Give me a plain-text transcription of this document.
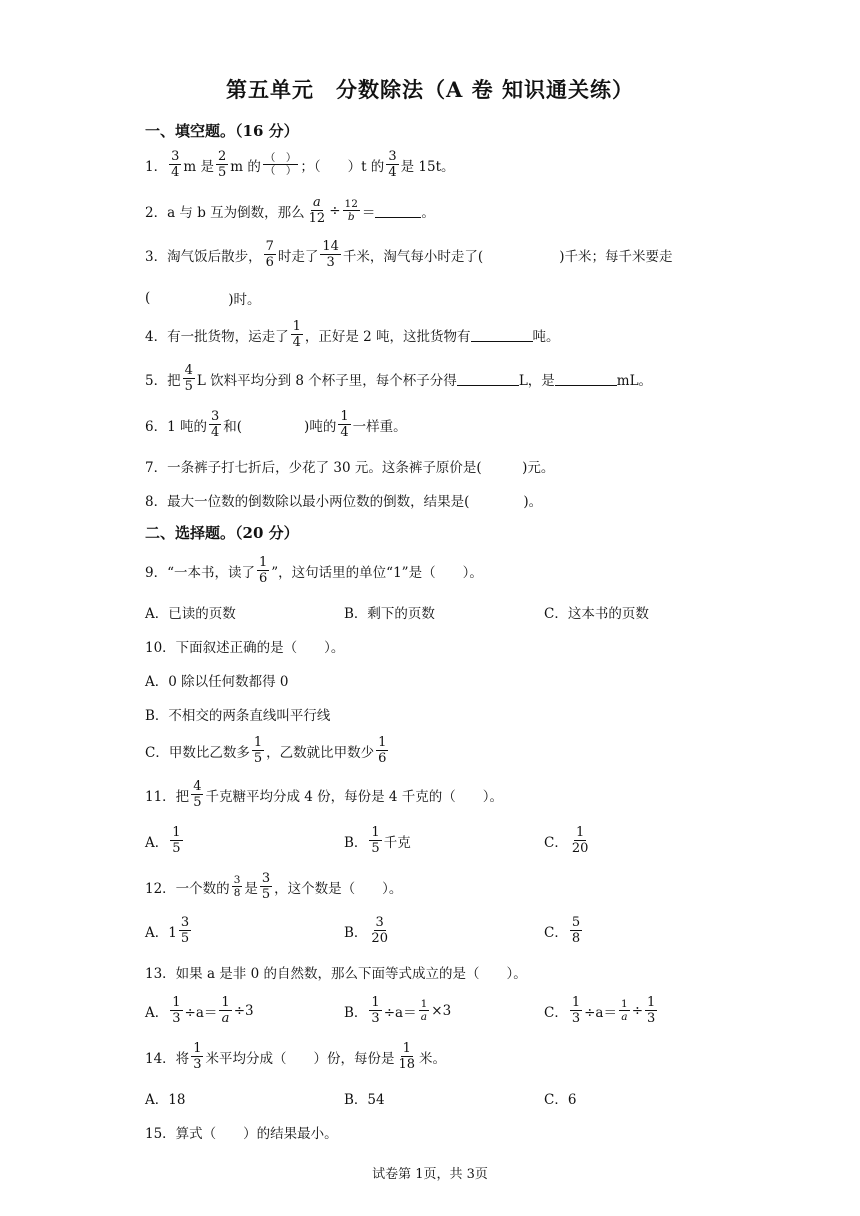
第五单元　分数除法（A 卷 知识通关练）
一、填空题。（16 分）
1． $\frac{3}{4}$ m 是 $\frac{2}{5}$ m 的 $\frac{( )}{( )}$ ；（　　）t 的 $\frac{3}{4}$ 是 15t。
2．a 与 b 互为倒数，那么 $\frac{a}{12} \div \frac{12}{b}$ ＝	。
3．淘气饭后散步， $\frac{7}{6}$ 时走了 $\frac{14}{3}$ 千米，淘气每小时走了(	)千米；每千米要走
(	)时。
4．有一批货物，运走了 $\frac{1}{4}$ ，正好是 2 吨，这批货物有	吨。
5．把 $\frac{4}{5}$ L 饮料平均分到 8 个杯子里，每个杯子分得	L，是	mL。
6．1 吨的 $\frac{3}{4}$ 和(	)吨的 $\frac{1}{4}$ 一样重。
7．一条裤子打七折后，少花了 30 元。这条裤子原价是(　　　)元。
8．最大一位数的倒数除以最小两位数的倒数，结果是(　　　　)。
二、选择题。（20 分）
9．“一本书，读了 $\frac{1}{6}$ ”，这句话里的单位“1”是（　　）。
A．已读的页数	B．剩下的页数	C．这本书的页数
10．下面叙述正确的是（　　）。
A．0 除以任何数都得 0
B．不相交的两条直线叫平行线
C．甲数比乙数多 $\frac{1}{5}$ ，乙数就比甲数少 $\frac{1}{6}$
11．把 $\frac{4}{5}$ 千克糖平均分成 4 份，每份是 4 千克的（　　）。
A． $\frac{1}{5}$	B． $\frac{1}{5}$ 千克	C． $\frac{1}{20}$
12．一个数的 $\frac{3}{8}$ 是 $\frac{3}{5}$ ，这个数是（　　）。
A．$1 \frac{3}{5}$	B． $\frac{3}{20}$	C． $\frac{5}{8}$
13．如果 a 是非 0 的自然数，那么下面等式成立的是（　　）。
A． $\frac{1}{3} \div a= \frac{1}{a} \div 3$	B． $\frac{1}{3} \div a= \frac{1}{a} \times 3$	C． $\frac{1}{3} \div a= \frac{1}{a} \div \frac{1}{3}$
14．将 $\frac{1}{3}$ 米平均分成（　　）份，每份是 $\frac{1}{18}$ 米。
A．18	B．54	C．6
15．算式（　　）的结果最小。
试卷第 1页，共 3页
